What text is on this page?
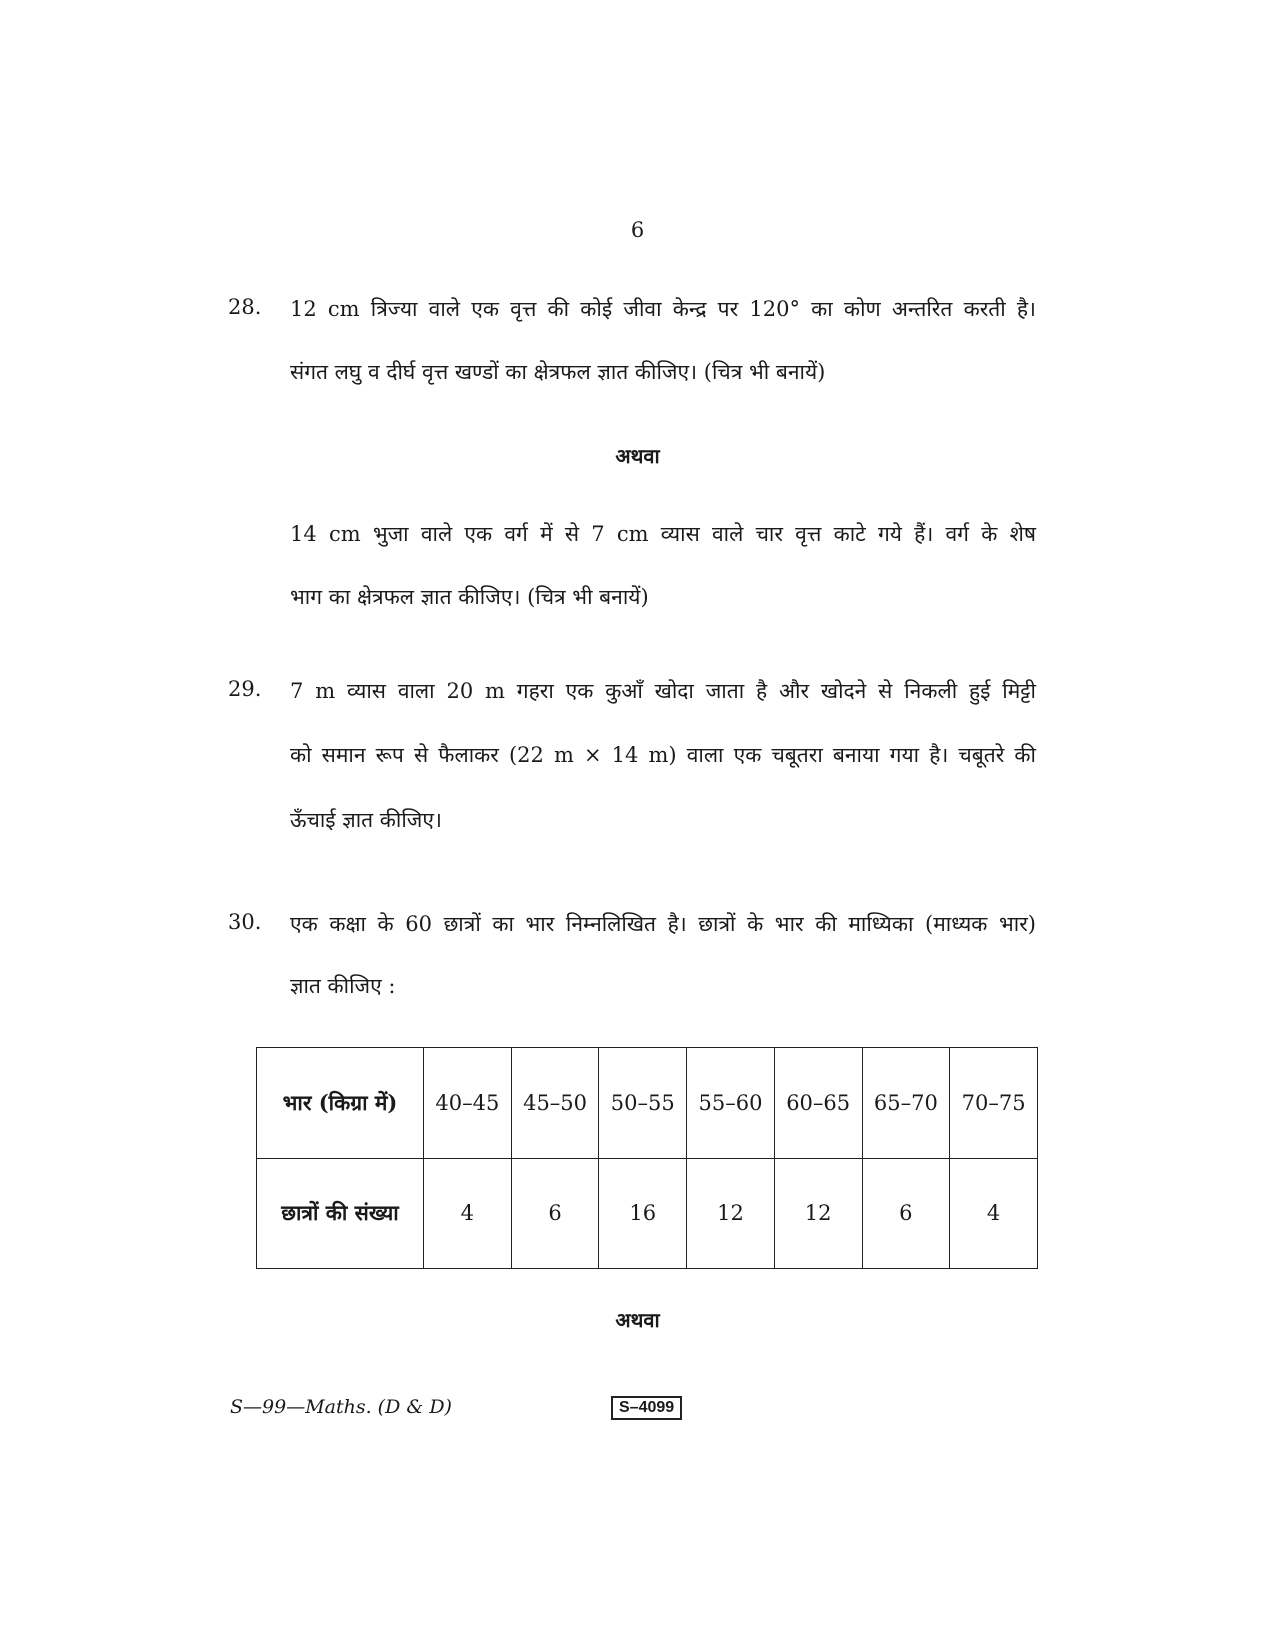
6
28. 12 cm त्रिज्या वाले एक वृत्त की कोई जीवा केन्द्र पर 120° का कोण अन्तरित करती है।
संगत लघु व दीर्घ वृत्त खण्डों का क्षेत्रफल ज्ञात कीजिए। (चित्र भी बनायें)
अथवा
14 cm भुजा वाले एक वर्ग में से 7 cm व्यास वाले चार वृत्त काटे गये हैं। वर्ग के शेष
भाग का क्षेत्रफल ज्ञात कीजिए। (चित्र भी बनायें)
29. 7 m व्यास वाला 20 m गहरा एक कुआँ खोदा जाता है और खोदने से निकली हुई मिट्टी
को समान रूप से फैलाकर (22 m × 14 m) वाला एक चबूतरा बनाया गया है। चबूतरे की
ऊँचाई ज्ञात कीजिए।
30. एक कक्षा के 60 छात्रों का भार निम्नलिखित है। छात्रों के भार की माध्यिका (माध्यक भार)
ज्ञात कीजिए :
भार (किग्रा में)	40–45	45–50	50–55	55–60	60–65	65–70	70–75
छात्रों की संख्या	4	6	16	12	12	6	4
अथवा
S—99—Maths. (D & D)	S–4099
